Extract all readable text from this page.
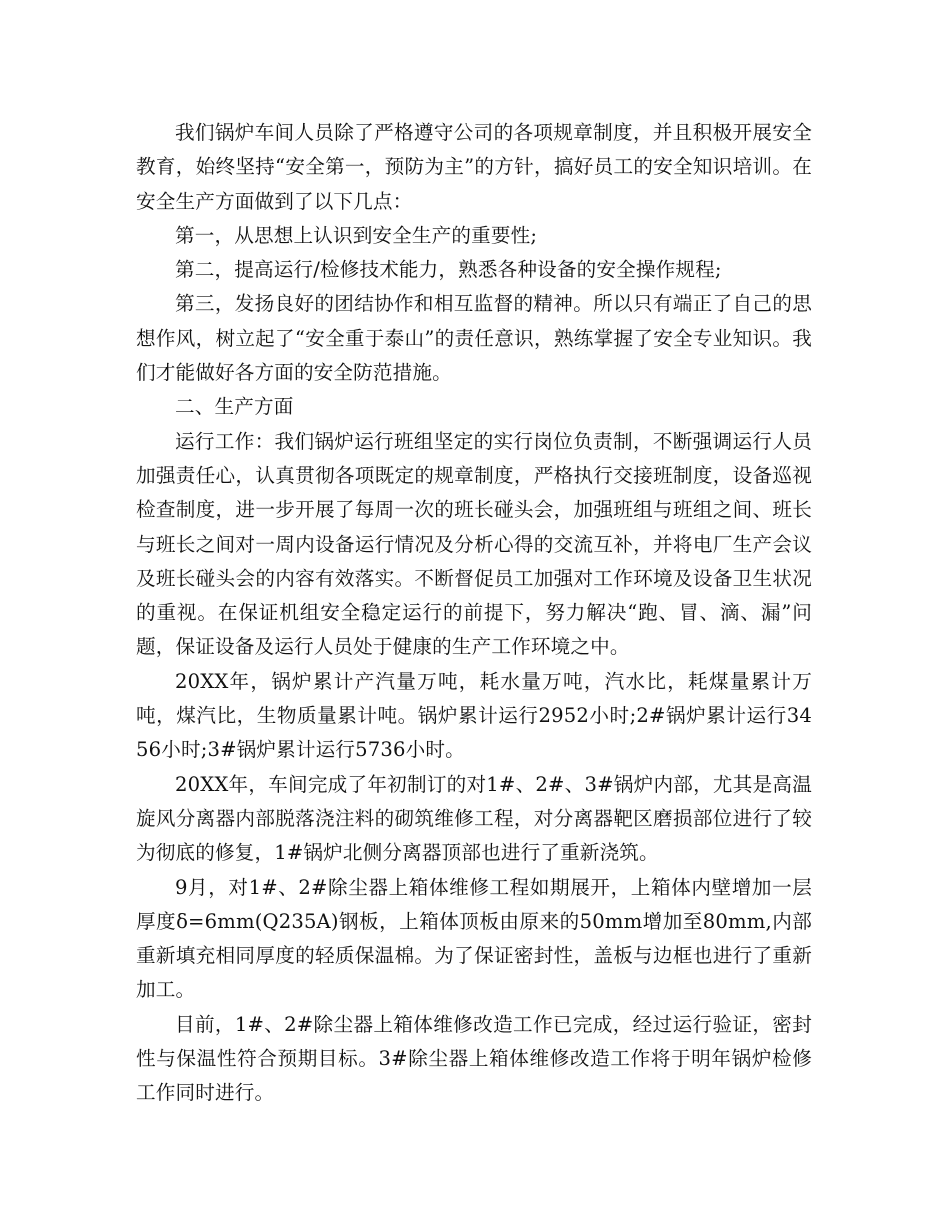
我们锅炉车间人员除了严格遵守公司的各项规章制度，并且积极开展安全教育，始终坚持“安全第一，预防为主”的方针，搞好员工的安全知识培训。在安全生产方面做到了以下几点：

第一，从思想上认识到安全生产的重要性;

第二，提高运行/检修技术能力，熟悉各种设备的安全操作规程;

第三，发扬良好的团结协作和相互监督的精神。所以只有端正了自己的思想作风，树立起了“安全重于泰山”的责任意识，熟练掌握了安全专业知识。我们才能做好各方面的安全防范措施。

二、生产方面

运行工作：我们锅炉运行班组坚定的实行岗位负责制，不断强调运行人员加强责任心，认真贯彻各项既定的规章制度，严格执行交接班制度，设备巡视检查制度，进一步开展了每周一次的班长碰头会，加强班组与班组之间、班长与班长之间对一周内设备运行情况及分析心得的交流互补，并将电厂生产会议及班长碰头会的内容有效落实。不断督促员工加强对工作环境及设备卫生状况的重视。在保证机组安全稳定运行的前提下，努力解决“跑、冒、滴、漏”问题，保证设备及运行人员处于健康的生产工作环境之中。

20XX年，锅炉累计产汽量万吨，耗水量万吨，汽水比，耗煤量累计万吨，煤汽比，生物质量累计吨。锅炉累计运行2952小时;2#锅炉累计运行3456小时;3#锅炉累计运行5736小时。

20XX年，车间完成了年初制订的对1#、2#、3#锅炉内部，尤其是高温旋风分离器内部脱落浇注料的砌筑维修工程，对分离器靶区磨损部位进行了较为彻底的修复，1#锅炉北侧分离器顶部也进行了重新浇筑。

9月，对1#、2#除尘器上箱体维修工程如期展开，上箱体内壁增加一层厚度δ=6mm(Q235A)钢板，上箱体顶板由原来的50mm增加至80mm,内部重新填充相同厚度的轻质保温棉。为了保证密封性，盖板与边框也进行了重新加工。

目前，1#、2#除尘器上箱体维修改造工作已完成，经过运行验证，密封性与保温性符合预期目标。3#除尘器上箱体维修改造工作将于明年锅炉检修工作同时进行。
